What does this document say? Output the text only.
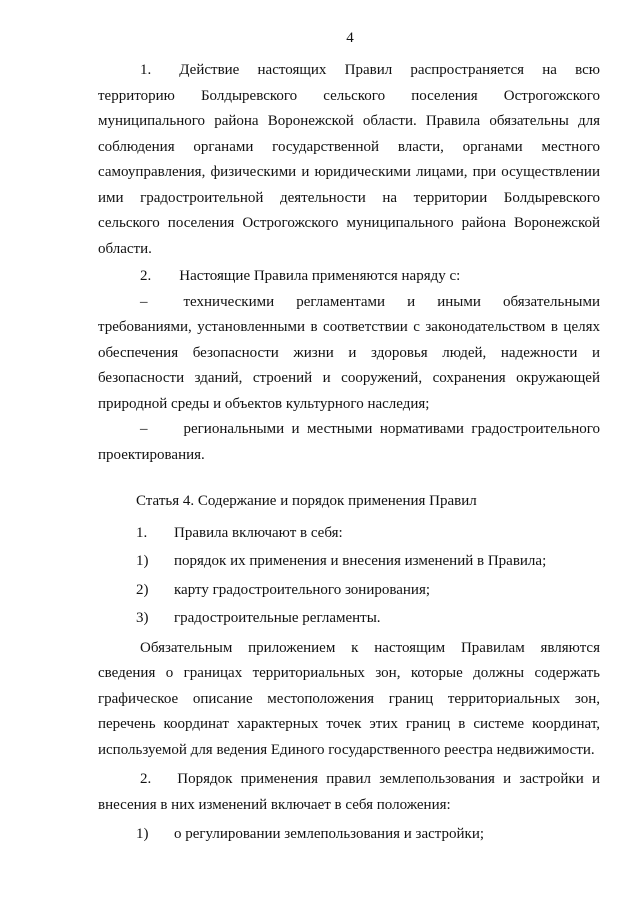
4

1. Действие настоящих Правил распространяется на всю территорию Болдыревского сельского поселения Острогожского муниципального района Воронежской области. Правила обязательны для соблюдения органами государственной власти, органами местного самоуправления, физическими и юридическими лицами, при осуществлении ими градостроительной деятельности на территории Болдыревского сельского поселения Острогожского муниципального района Воронежской области.

2. Настоящие Правила применяются наряду с:

– техническими регламентами и иными обязательными требованиями, установленными в соответствии с законодательством в целях обеспечения безопасности жизни и здоровья людей, надежности и безопасности зданий, строений и сооружений, сохранения окружающей природной среды и объектов культурного наследия;

– региональными и местными нормативами градостроительного проектирования.

Статья 4. Содержание и порядок применения Правил

1.	Правила включают в себя:

1)	порядок их применения и внесения изменений в Правила;

2)	карту градостроительного зонирования;

3)	градостроительные регламенты.

Обязательным приложением к настоящим Правилам являются сведения о границах территориальных зон, которые должны содержать графическое описание местоположения границ территориальных зон, перечень координат характерных точек этих границ в системе координат, используемой для ведения Единого государственного реестра недвижимости.

2. Порядок применения правил землепользования и застройки и внесения в них изменений включает в себя положения:

1)	о регулировании землепользования и застройки;
